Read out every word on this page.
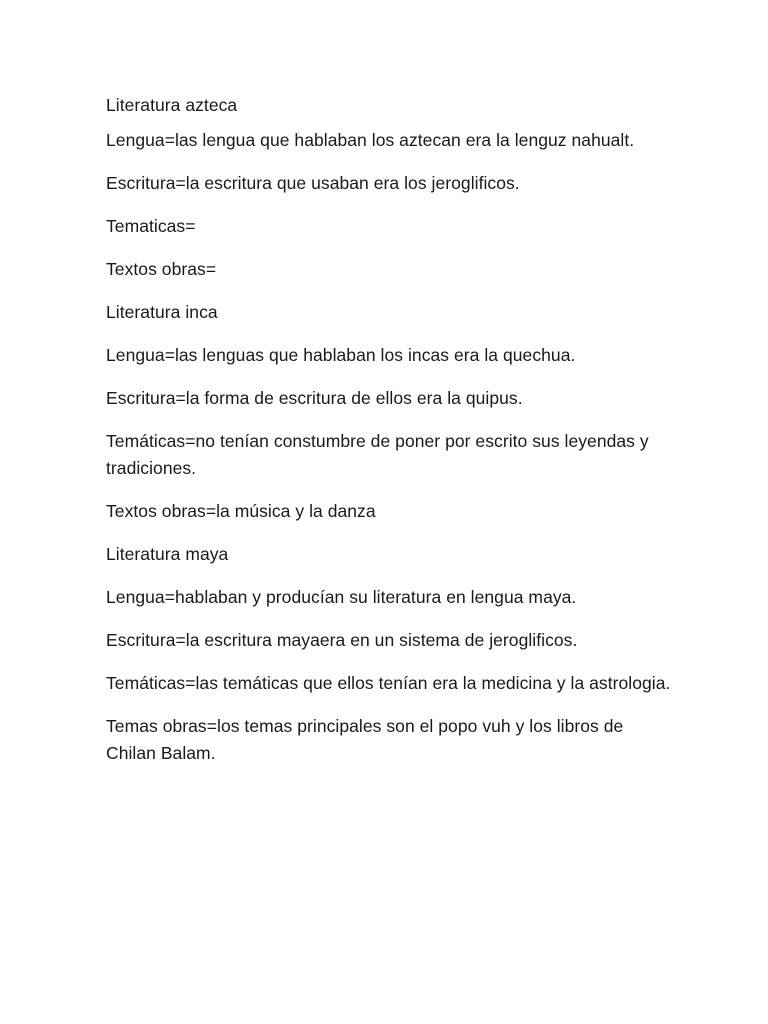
Literatura azteca

Lengua=las lengua que hablaban los aztecan era la lenguz nahualt.

Escritura=la escritura que usaban era los jeroglificos.

Tematicas=

Textos obras=

Literatura inca

Lengua=las lenguas que hablaban los incas era la quechua.

Escritura=la forma de escritura de ellos era la quipus.

Temáticas=no tenían constumbre de poner por escrito sus leyendas y tradiciones.

Textos obras=la música y la danza

Literatura maya

Lengua=hablaban y producían su literatura en lengua maya.

Escritura=la escritura mayaera en un sistema de jeroglificos.

Temáticas=las temáticas que ellos tenían era la medicina y la astrologia.

Temas obras=los temas principales son el popo vuh y los libros de Chilan Balam.
